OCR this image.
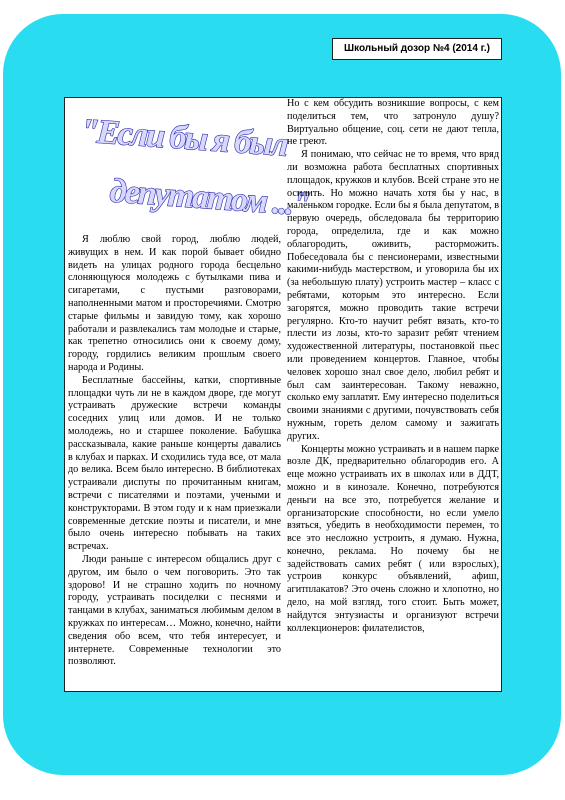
Школьный дозор №4 (2014 г.)
"Если бы я был
депутатом ..."

Я люблю свой город, люблю людей, живущих в нем. И как порой бывает обидно видеть на улицах родного города бесцельно слоняющуюся молодежь с бутылками пива и сигаретами, с пустыми разговорами, наполненными матом и просторечиями. Смотрю старые фильмы и завидую тому, как хорошо работали и развлекались там молодые и старые, как трепетно относились они к своему дому, городу, гордились великим прошлым своего народа и Родины.

Бесплатные бассейны, катки, спортивные площадки чуть ли не в каждом дворе, где могут устраивать дружеские встречи команды соседних улиц или домов. И не только молодежь, но и старшее поколение. Бабушка рассказывала, какие раньше концерты давались в клубах и парках. И сходились туда все, от мала до велика. Всем было интересно. В библиотеках устраивали диспуты по прочитанным книгам, встречи с писателями и поэтами, учеными и конструкторами. В этом году и к нам приезжали современные детские поэты и писатели, и мне было очень интересно побывать на таких встречах.

Люди раньше с интересом общались друг с другом, им было о чем поговорить. Это так здорово! И не страшно ходить по ночному городу, устраивать посиделки с песнями и танцами в клубах, заниматься любимым делом в кружках по интересам… Можно, конечно, найти сведения обо всем, что тебя интересует, и интернете. Современные технологии это позволяют.

Но с кем обсудить возникшие вопросы, с кем поделиться тем, что затронуло душу? Виртуально общение, соц. сети не дают тепла, не греют.

Я понимаю, что сейчас не то время, что вряд ли возможна работа бесплатных спортивных площадок, кружков и клубов. Всей стране это не осилить. Но можно начать хотя бы у нас, в маленьком городке. Если бы я была депутатом, в первую очередь, обследовала бы территорию города, определила, где и как можно облагородить, оживить, расторможить. Побеседовала бы с пенсионерами, известными какими-нибудь мастерством, и уговорила бы их (за небольшую плату) устроить мастер – класс с ребятами, которым это интересно. Если загорятся, можно проводить такие встречи регулярно. Кто-то научит ребят вязать, кто-то плести из лозы, кто-то заразит ребят чтением художественной литературы, постановкой пьес или проведением концертов. Главное, чтобы человек хорошо знал свое дело, любил ребят и был сам заинтересован. Такому неважно, сколько ему заплатят. Ему интересно поделиться своими знаниями с другими, почувствовать себя нужным, гореть делом самому и зажигать других.

Концерты можно устраивать и в нашем парке возле ДК, предварительно облагородив его. А еще можно устраивать их в школах или в ДДТ, можно и в кинозале. Конечно, потребуются деньги на все это, потребуется желание и организаторские способности, но если умело взяться, убедить в необходимости перемен, то все это несложно устроить, я думаю. Нужна, конечно, реклама. Но почему бы не задействовать самих ребят ( или взрослых), устроив конкурс объявлений, афиш, агитплакатов? Это очень сложно и хлопотно, но дело, на мой взгляд, того стоит. Быть может, найдутся энтузиасты и организуют встречи коллекционеров: филателистов,
